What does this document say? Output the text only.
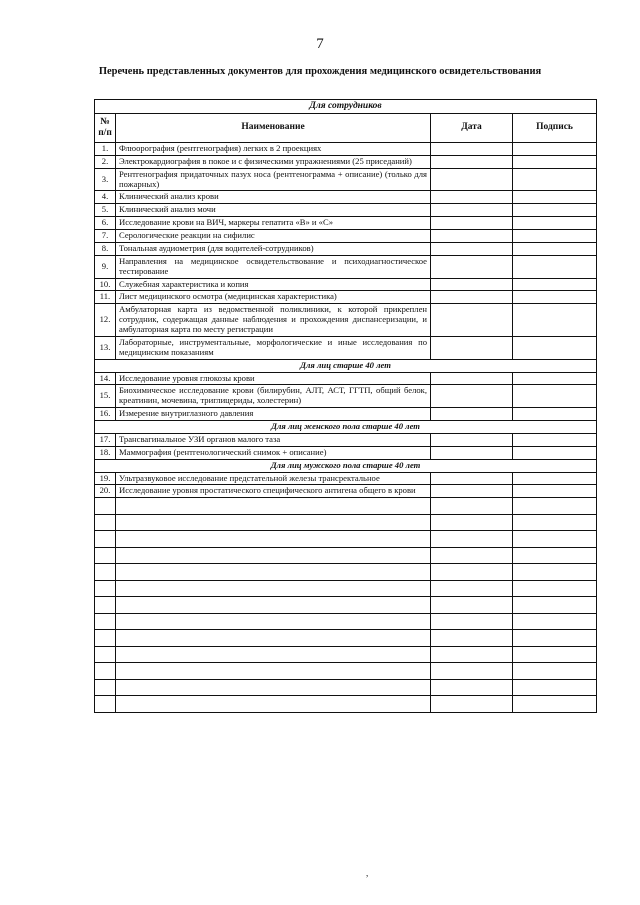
7
Перечень представленных документов для прохождения медицинского освидетельствования
Для сотрудников			
№ п/п	Наименование	Дата	Подпись
1.	Флюорография (рентгенография) легких в 2 проекциях		
2.	Электрокардиография в покое и с физическими упражнениями (25 приседаний)		
3.	Рентгенография придаточных пазух носа (рентгенограмма + описание) (только для пожарных)		
4.	Клинический анализ крови		
5.	Клинический анализ мочи		
6.	Исследование крови на ВИЧ, маркеры гепатита «В» и «С»		
7.	Серологические реакции на сифилис		
8.	Тональная аудиометрия (для водителей-сотрудников)		
9.	Направления на медицинское освидетельствование и психодиагностическое тестирование		
10.	Служебная характеристика и копия		
11.	Лист медицинского осмотра (медицинская характеристика)		
12.	Амбулаторная карта из ведомственной поликлиники, к которой прикреплен сотрудник, содержащая данные наблюдения и прохождения диспансеризации, и амбулаторная карта по месту регистрации		
13.	Лабораторные, инструментальные, морфологические и иные исследования по медицинским показаниям		
Для лиц старше 40 лет			
14.	Исследование уровня глюкозы крови		
15.	Биохимическое исследование крови (билирубин, АЛТ, АСТ, ГГТП, общий белок, креатинин, мочевина, триглицериды, холестерин)		
16.	Измерение внутриглазного давления		
Для лиц женского пола старше 40 лет			
17.	Трансвагинальное УЗИ органов малого таза		
18.	Маммография (рентгенологический снимок + описание)		
Для лиц мужского пола старше 40 лет			
19.	Ультразвуковое исследование предстательной железы трансректальное		
20.	Исследование уровня простатического специфического антигена общего в крови		

,
